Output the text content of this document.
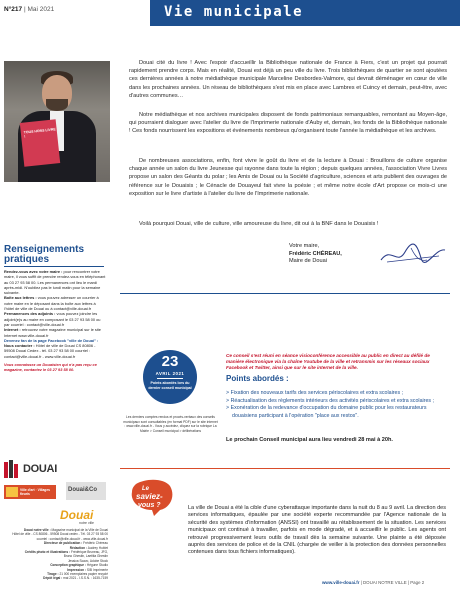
N°217 | Mai 2021	Vie municipale
TOUS HORS LIVRE !
Douai cité du livre ! Avec l'espoir d'accueillir la Bibliothèque nationale de France à Fiers, c'est un projet qui pourrait rapidement prendre corps. Mais en réalité, Douai est déjà un peu ville du livre. Trois bibliothèques de quartier se sont ajoutées ces dernières années à notre médiathèque municipale Marceline Desbordes-Valmore, qui devrait déménager en cœur de ville dans les prochaines années. Un réseau de bibliothèques s'est mis en place avec Lambres et Cuincy et demain, peut-être, avec d'autres communes…
Notre médiathèque et nos archives municipales disposent de fonds patrimoniaux remarquables, remontant au Moyen-âge, qui pourraient dialoguer avec l'atelier du livre de l'Imprimerie nationale d'Auby et, demain, les fonds de la Bibliothèque nationale ! Ces fonds nourrissent les expositions et événements nombreux qu'organisent toute l'année la médiathèque et les archives.
De nombreuses associations, enfin, font vivre le goût du livre et de la lecture à Douai : Brouillons de culture organise chaque année un salon du livre Jeunesse qui rayonne dans toute la région ; depuis quelques années, l'association Vivre Livres propose un salon des Géants du polar ; les Amis de Douai ou la Société d'agriculture, sciences et arts publient des ouvrages de référence sur le Douaisis ; le Cénacle de Douayeul fait vivre la poésie ; et même notre école d'Art propose ce mois-ci une exposition sur le livre d'artiste à l'atelier du livre de l'Imprimerie nationale.
Voilà pourquoi Douai, ville de culture, ville amoureuse du livre, dit oui à la BNF dans le Douaisis !
Votre maire,
Frédéric CHÉREAU,
Maire de Douai
Renseignements
pratiques

Rendez-vous avec votre maire : pour rencontrer votre maire, il vous suffit de prendre rendez-vous en téléphonant au 03 27 93 58 00. Les permanences ont lieu le mardi après-midi. N'oubliez pas le lundi matin pour la semaine suivante.

Boîte aux lettres : vous pouvez adresser un courrier à votre maire en le déposant dans la boîte aux lettres à l'hôtel de ville de Douai ou à contact@ville-douai.fr

Permanences des adjoints : vous pouvez joindre les adjoint(e)s au maire en composant le 03 27 93 58 00 ou par courriel : contact@ville-douai.fr

Internet : retrouvez votre magazine municipal sur le site Internet www.ville-douai.fr

Devenez fan de la page Facebook "ville de Douai" :

Nous contacter : Hôtel de ville de Douai CS 80806 - 59508 Douai Cedex - tél. 03 27 93 58 00 courriel : contact@ville-douai.fr - www.ville-douai.fr

Vous connaissez un Douaisien qui n'a pas reçu ce magazine, contactez le 03 27 93 58 00.

DOUAI
Ville d'art · Villages fleuris
Douai&Co
Douai
notre ville
Douai notre ville : Magazine municipal de la Ville de Douai
Hôtel de ville - CS 80806 - 59508 Douai cedex - Tél. 03 27 93 58 00
courriel : contact@ville-douai.fr - www.ville-douai.fr
Directeur de publication : Frédéric Chéreau
Rédaction : Audrey Hublet
Crédits photo et illustrations : Frédérique Bruneau, JFG,
Bruno Ghestin, Laetitia Ghestin
Jessica Scavo, Adobe Stock
Conception graphique : Hégune Studio
Impression : SIB Imprimerie
Tirage : 21 000 exemplaires papier recyclé
Dépôt légal : mai 2021 - I.S.S.N. : 1635-7159
23
AVRIL 2021
Points abordés lors du dernier conseil municipal
Les derniers comptes rendus et procès-verbaux des conseils municipaux sont consultables (en format PDF) sur le site internet : www.ville-douai.fr - Vous y accédez, cliquez sur la rubrique La Mairie > Conseil municipal > délibérations
Ce conseil s'est réuni en séance visioconférence accessible au public en direct au défilé de manière électronique via la chaîne Youtube de la ville et retransmis sur les réseaux sociaux Facebook et Twitter, ainsi que sur le site internet de la ville.
Points abordés :
> Fixation des nouveaux tarifs des services périscolaires et extra scolaires ;
> Réactualisation des règlements intérieurs des activités périscolaires et extra scolaires ;
> Exonération de la redevance d'occupation du domaine public pour les restaurateurs douaisiens participant à l'opération "place aux restos".
Le prochain Conseil municipal aura lieu vendredi 28 mai à 20h.
Le
saviez-
vous ?	La ville de Douai a été la cible d'une cyberattaque importante dans la nuit du 8 au 9 avril. La direction des services informatiques, épaulée par une société experte recommandée par l'Agence nationale de la sécurité des systèmes d'information (ANSSI) ont travaillé au rétablissement de la situation. Les services municipaux ont continué à travailler, parfois en mode dégradé, et à accueillir le public. Les agents ont retrouvé progressivement leurs outils de travail dès la semaine suivante. Une plainte a été déposée auprès des services de police et de la CNIL (chargée de veiller à la protection des données personnelles contenues dans tous fichiers informatiques).
www.ville-douai.fr | DOUAI NOTRE VILLE | Page 2
